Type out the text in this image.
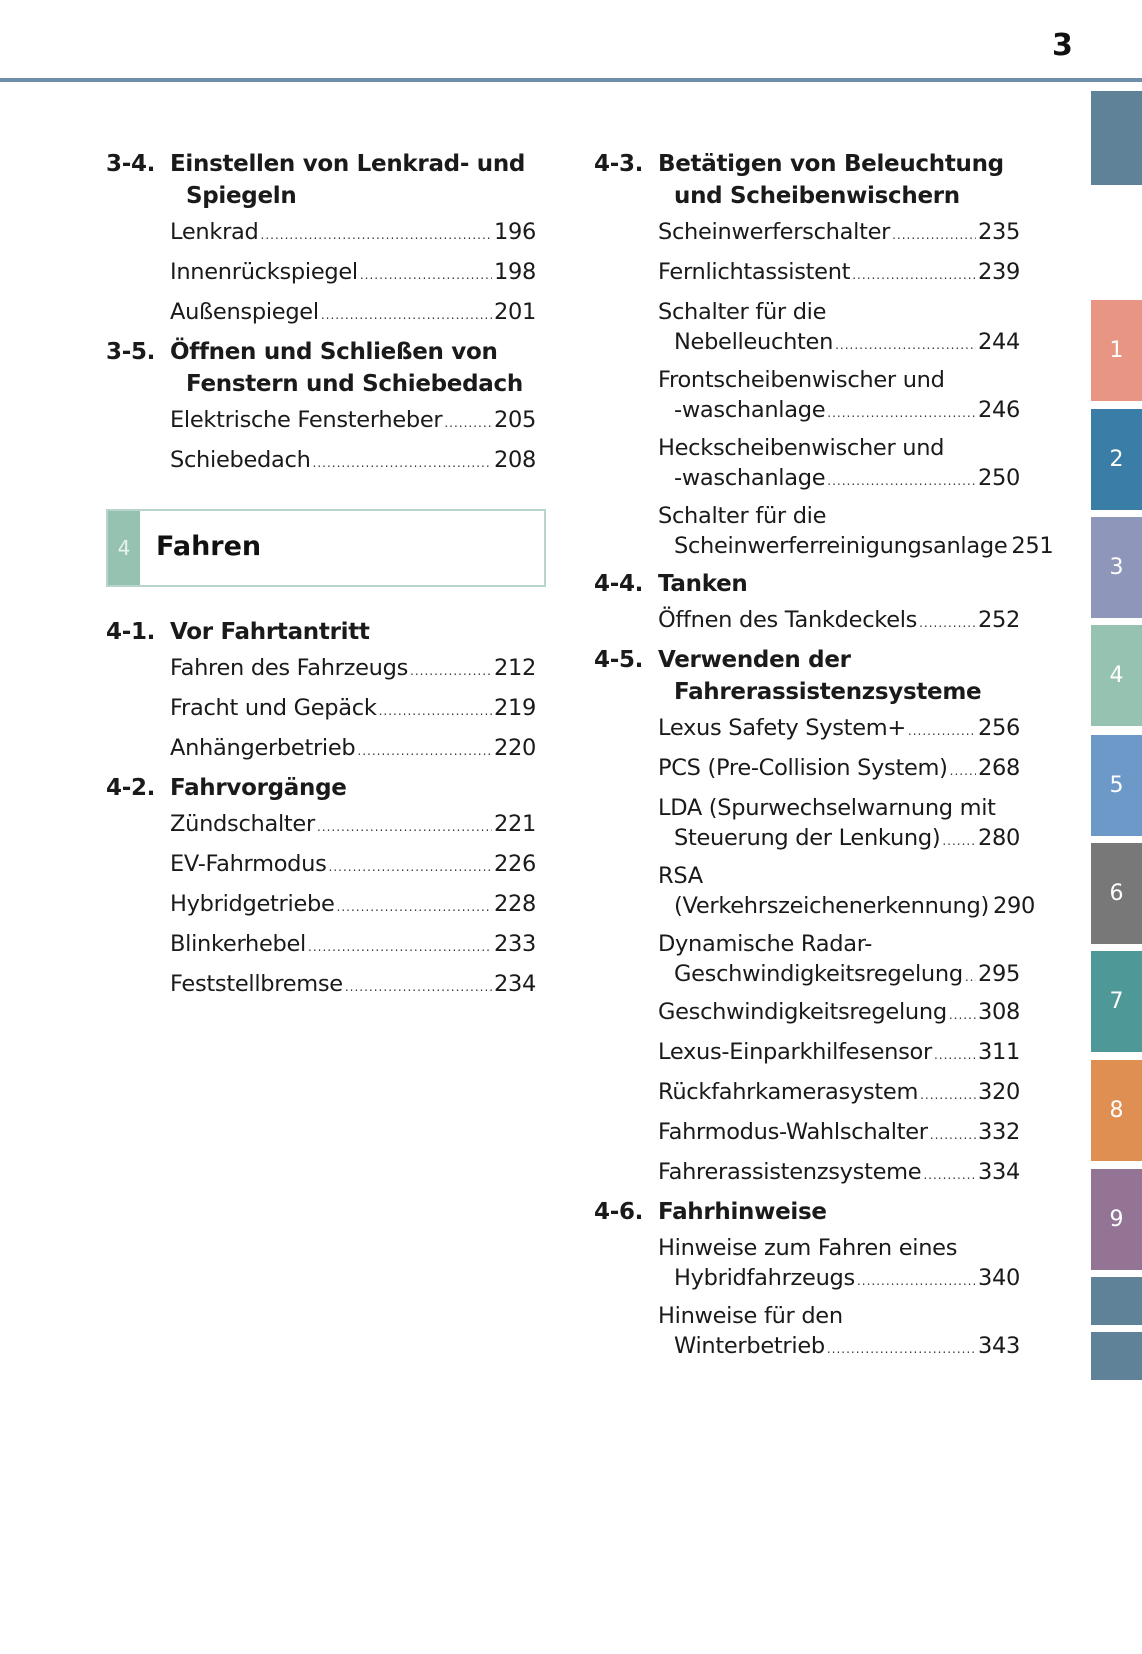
3
3-4. Einstellen von Lenkrad- und
Spiegeln
Lenkrad .....	196
Innenrückspiegel .....	198
Außenspiegel .....	201
3-5. Öffnen und Schließen von
Fenstern und Schiebedach
Elektrische Fensterheber ..... 205
Schiebedach .....	208
4 Fahren
4-1. Vor Fahrtantritt
Fahren des Fahrzeugs .....	212
Fracht und Gepäck .....	219
Anhängerbetrieb .....	220
4-2. Fahrvorgänge
Zündschalter .....	221
EV-Fahrmodus .....	226
Hybridgetriebe .....	228
Blinkerhebel .....	233
Feststellbremse .....	234
4-3. Betätigen von Beleuchtung
und Scheibenwischern
Scheinwerferschalter .....	235
Fernlichtassistent .....	239
Schalter für die
Nebelleuchten .....	244
Frontscheibenwischer und
-waschanlage .....	246
Heckscheibenwischer und
-waschanlage .....	250
Schalter für die
Scheinwerferreinigungsanlage 251
4-4. Tanken
Öffnen des Tankdeckels .....	252
4-5. Verwenden der
Fahrerassistenzsysteme
Lexus Safety System+ .....	256
PCS (Pre-Collision System) ..... 268
LDA (Spurwechselwarnung mit
Steuerung der Lenkung) ..... 280
RSA
(Verkehrszeichenerkennung) 290
Dynamische Radar-
Geschwindigkeitsregelung ..... 295
Geschwindigkeitsregelung ..... 308
Lexus-Einparkhilfesensor ..... 311
Rückfahrkamerasystem .....	320
Fahrmodus-Wahlschalter ..... 332
Fahrerassistenzsysteme .....	334
4-6. Fahrhinweise
Hinweise zum Fahren eines
Hybridfahrzeugs .....	340
Hinweise für den
Winterbetrieb .....	343
1
2
3
4
5
6
7
8
9
